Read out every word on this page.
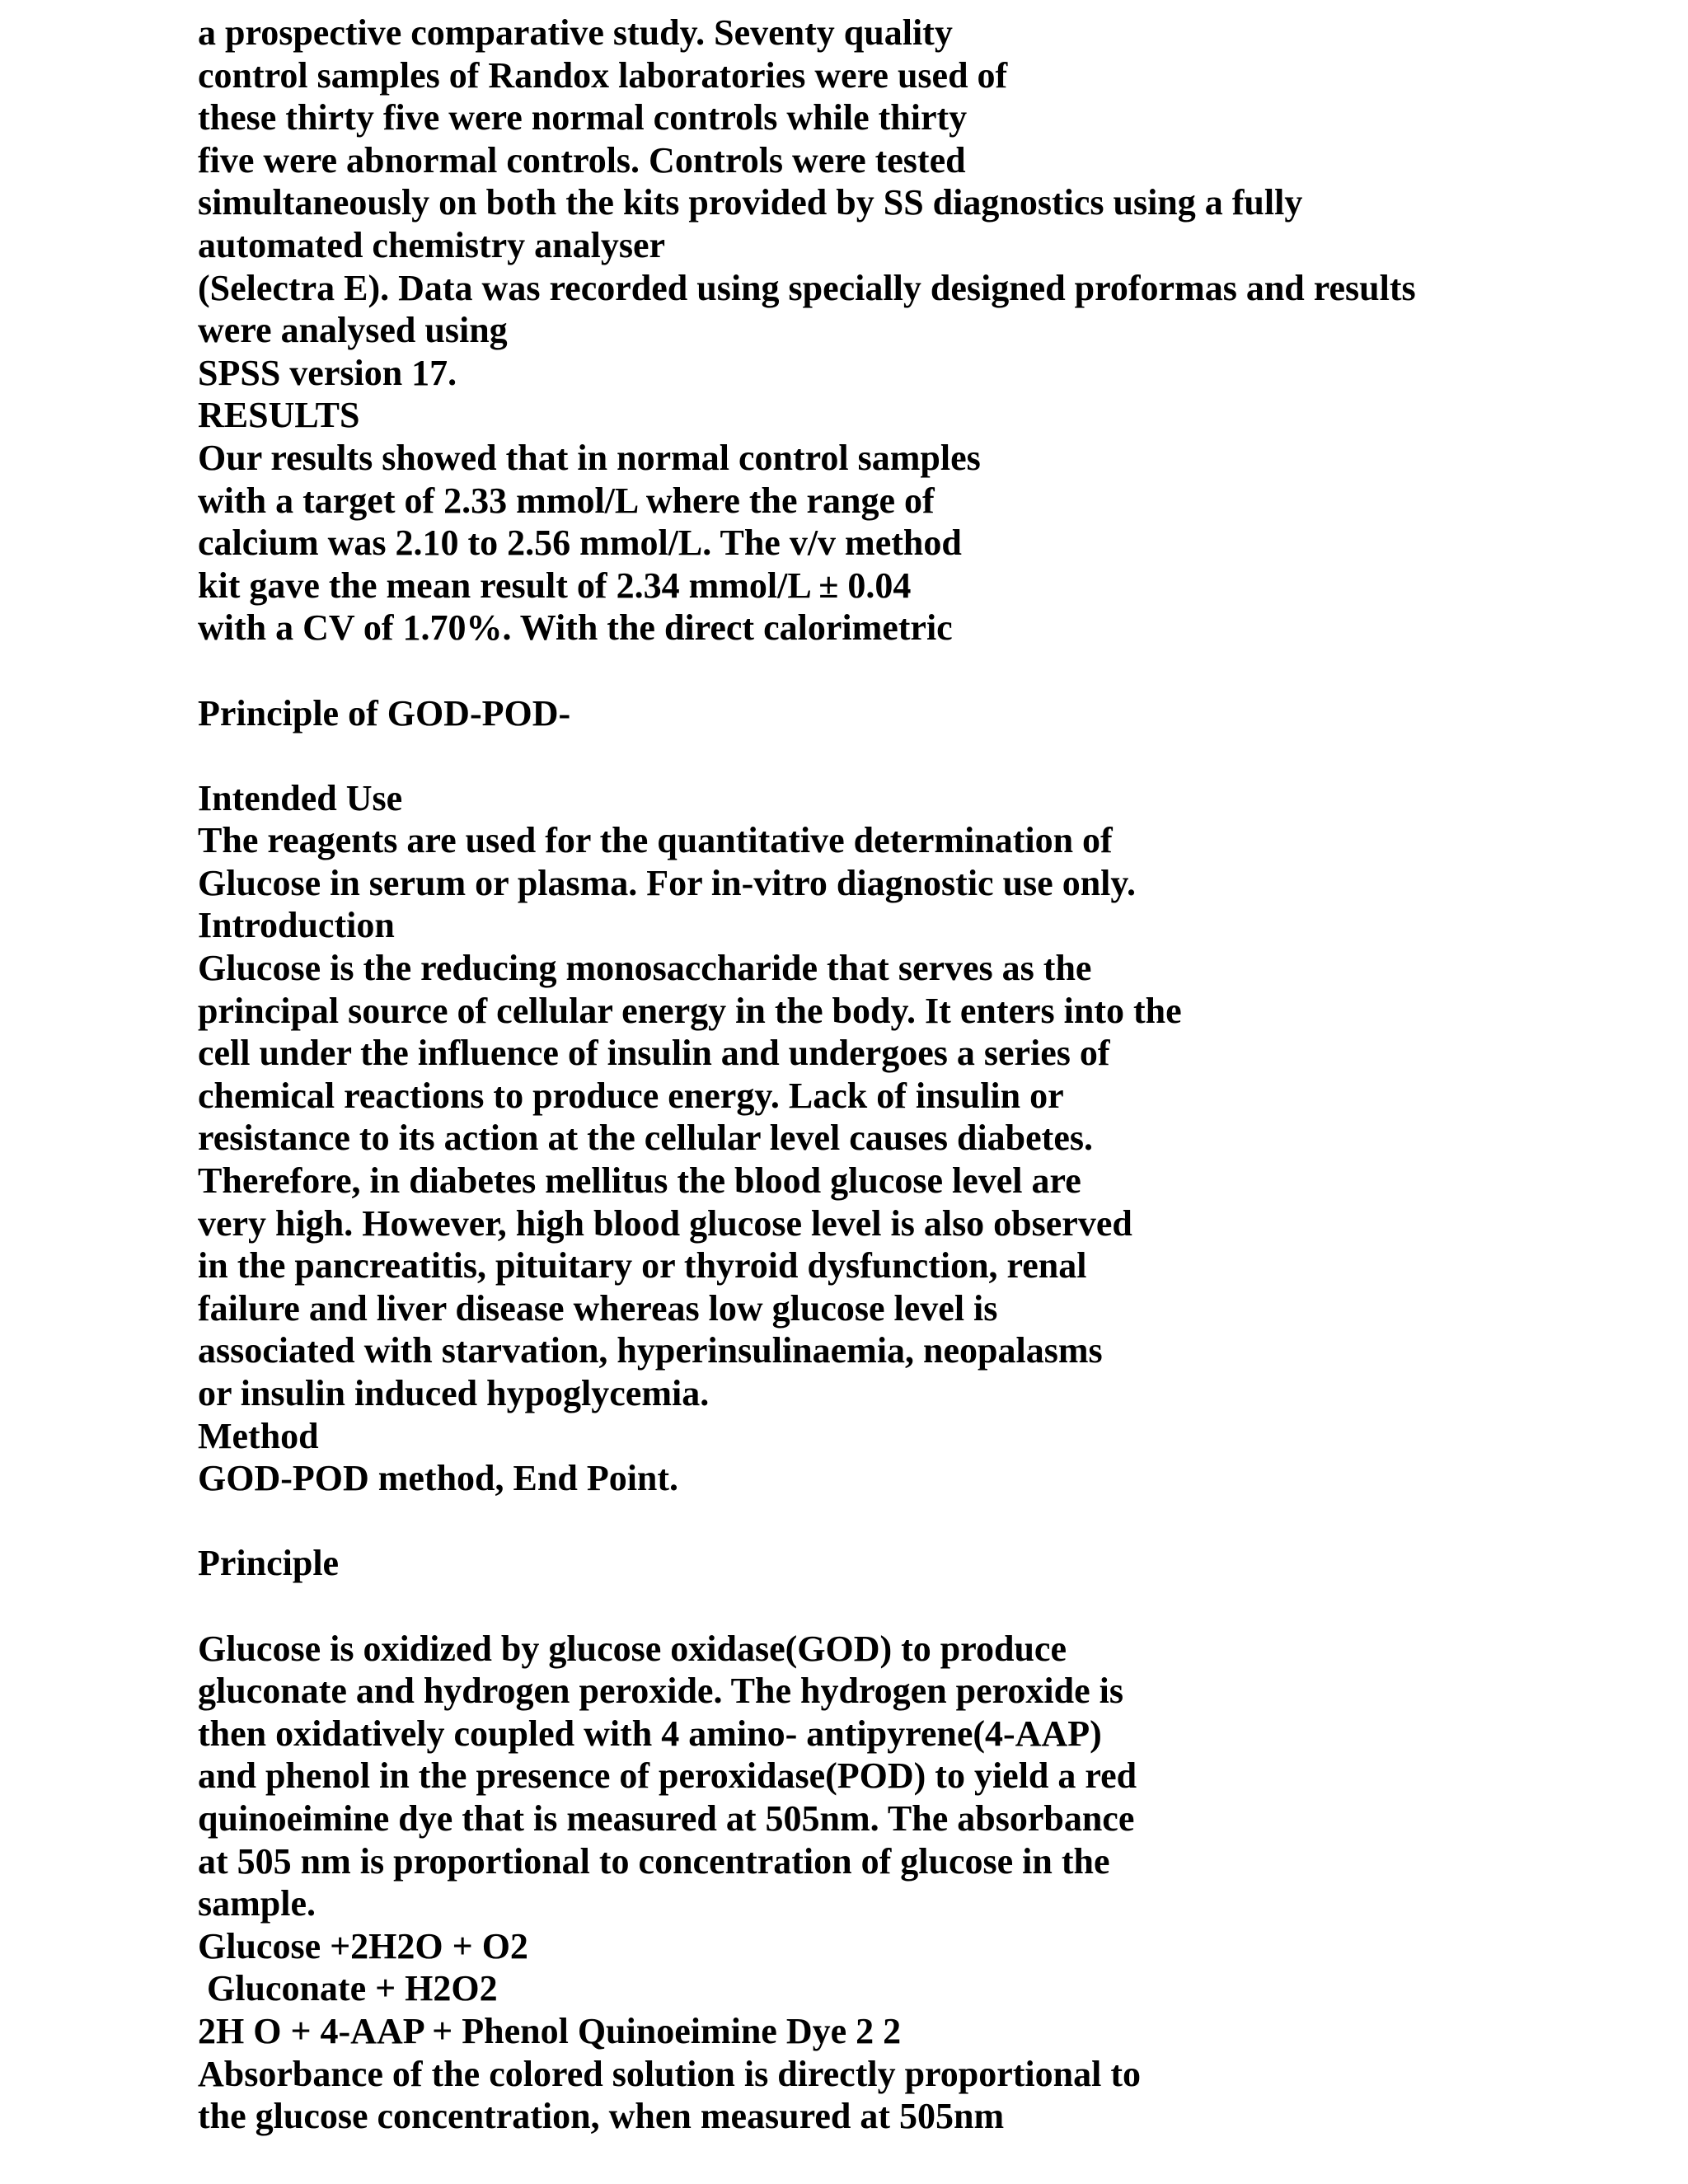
a prospective comparative study. Seventy quality
control samples of Randox laboratories were used of
these thirty five were normal controls while thirty
five were abnormal controls. Controls were tested
simultaneously on both the kits provided by SS diagnostics using a fully
automated chemistry analyser
(Selectra E). Data was recorded using specially designed proformas and results
were analysed using
SPSS version 17.
RESULTS
Our results showed that in normal control samples
with a target of 2.33 mmol/L where the range of
calcium was 2.10 to 2.56 mmol/L. The v/v method
kit gave the mean result of 2.34 mmol/L ± 0.04
with a CV of 1.70%. With the direct calorimetric
Principle of GOD-POD-
Intended Use
The reagents are used for the quantitative determination of
Glucose in serum or plasma. For in-vitro diagnostic use only.
Introduction
Glucose is the reducing monosaccharide that serves as the
principal source of cellular energy in the body. It enters into the
cell under the influence of insulin and undergoes a series of
chemical reactions to produce energy. Lack of insulin or
resistance to its action at the cellular level causes diabetes.
Therefore, in diabetes mellitus the blood glucose level are
very high. However, high blood glucose level is also observed
in the pancreatitis, pituitary or thyroid dysfunction, renal
failure and liver disease whereas low glucose level is
associated with starvation, hyperinsulinaemia, neopalasms
or insulin induced hypoglycemia.
Method
GOD-POD method, End Point.
Principle
Glucose is oxidized by glucose oxidase(GOD) to produce
gluconate and hydrogen peroxide. The hydrogen peroxide is
then oxidatively coupled with 4 amino- antipyrene(4-AAP)
and phenol in the presence of peroxidase(POD) to yield a red
quinoeimine dye that is measured at 505nm. The absorbance
at 505 nm is proportional to concentration of glucose in the
sample.
Glucose +2H2O + O2
Gluconate + H2O2
2H O + 4-AAP + Phenol Quinoeimine Dye 2 2
Absorbance of the colored solution is directly proportional to
the glucose concentration, when measured at 505nm
